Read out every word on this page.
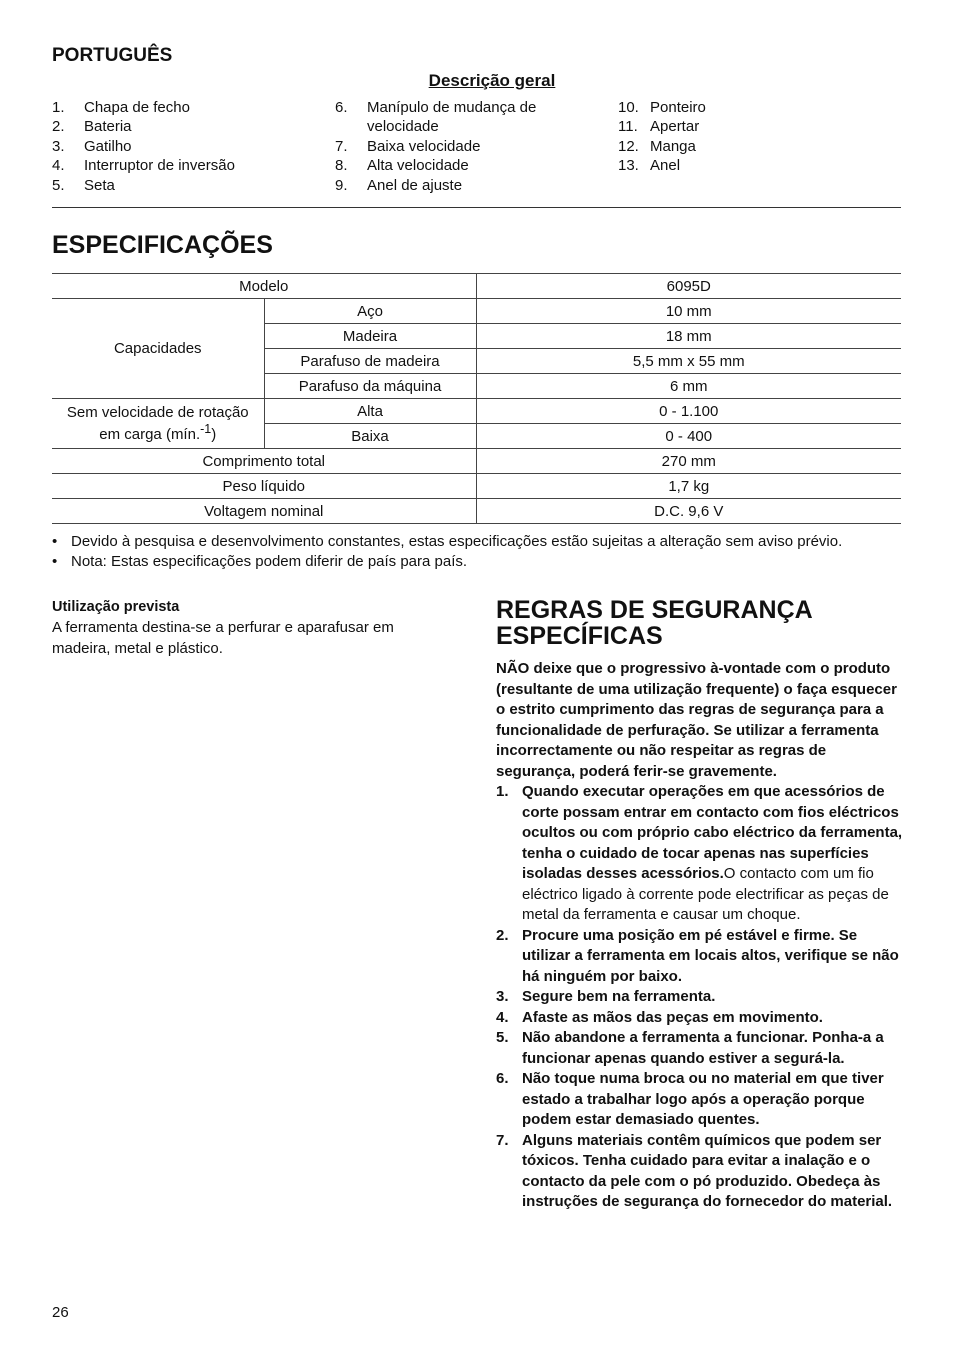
PORTUGUÊS
Descrição geral
1.	Chapa de fecho
2.	Bateria
3.	Gatilho
4.	Interruptor de inversão
5.	Seta
6.	Manípulo de mudança de velocidade
7.	Baixa velocidade
8.	Alta velocidade
9.	Anel de ajuste
10. Ponteiro
11. Apertar
12. Manga
13. Anel
ESPECIFICAÇÕES
Modelo		6095D
Capacidades	Aço	10 mm
	Madeira	18 mm
	Parafuso de madeira	5,5 mm x 55 mm
	Parafuso da máquina	6 mm
Sem velocidade de rotação em carga (mín.$^{-1}$)	Alta	0 - 1.100
	Baixa	0 - 400
Comprimento total		270 mm
Peso líquido		1,7 kg
Voltagem nominal		D.C. 9,6 V
• Devido à pesquisa e desenvolvimento constantes, estas especificações estão sujeitas a alteração sem aviso prévio.
• Nota: Estas especificações podem diferir de país para país.
Utilização prevista
A ferramenta destina-se a perfurar e aparafusar em madeira, metal e plástico.
REGRAS DE SEGURANÇA ESPECÍFICAS
NÃO deixe que o progressivo à-vontade com o produto (resultante de uma utilização frequente) o faça esquecer o estrito cumprimento das regras de segurança para a funcionalidade de perfuração. Se utilizar a ferramenta incorrectamente ou não respeitar as regras de segurança, poderá ferir-se gravemente.
1. Quando executar operações em que acessórios de corte possam entrar em contacto com fios eléctricos ocultos ou com próprio cabo eléctrico da ferramenta, tenha o cuidado de tocar apenas nas superfícies isoladas desses acessórios.O contacto com um fio eléctrico ligado à corrente pode electrificar as peças de metal da ferramenta e causar um choque.
2. Procure uma posição em pé estável e firme. Se utilizar a ferramenta em locais altos, verifique se não há ninguém por baixo.
3. Segure bem na ferramenta.
4. Afaste as mãos das peças em movimento.
5. Não abandone a ferramenta a funcionar. Ponha-a a funcionar apenas quando estiver a segurá-la.
6. Não toque numa broca ou no material em que tiver estado a trabalhar logo após a operação porque podem estar demasiado quentes.
7. Alguns materiais contêm químicos que podem ser tóxicos. Tenha cuidado para evitar a inalação e o contacto da pele com o pó produzido. Obedeça às instruções de segurança do fornecedor do material.
26
